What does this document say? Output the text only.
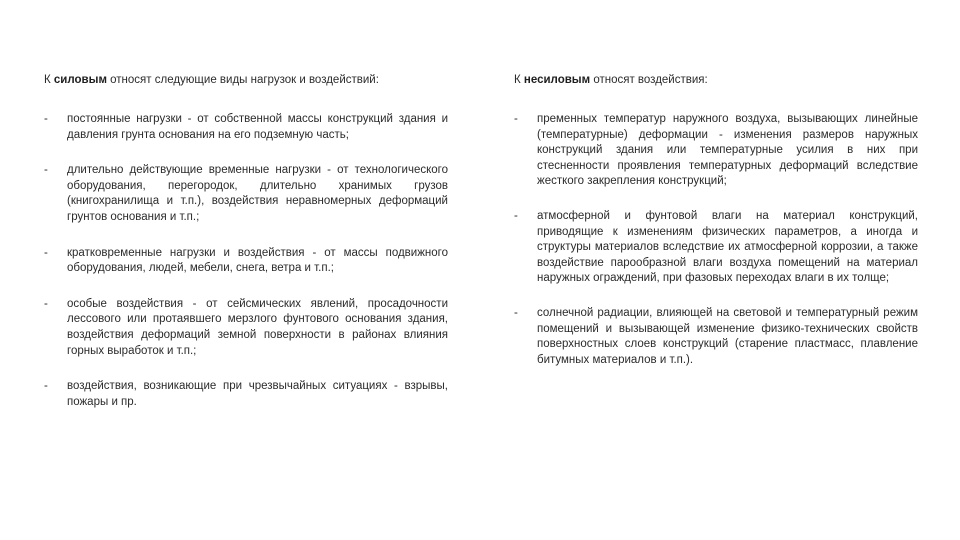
К силовым относят следующие виды нагрузок и воздействий:

- постоянные нагрузки - от собственной массы конструкций здания и давления грунта основания на его подземную часть;
- длительно действующие временные нагрузки - от технологического оборудования, перегородок, длительно хранимых грузов (книгохранилища и т.п.), воздействия неравномерных деформаций грунтов основания и т.п.;
- кратковременные нагрузки и воздействия - от массы подвижного оборудования, людей, мебели, снега, ветра и т.п.;
- особые воздействия - от сейсмических явлений, просадочности лессового или протаявшего мерзлого фунтового основания здания, воздействия деформаций земной поверхности в районах влияния горных выработок и т.п.;
- воздействия, возникающие при чрезвычайных ситуациях - взрывы, пожары и пр.

К несиловым относят воздействия:

- пременных температур наружного воздуха, вызывающих линейные (температурные) деформации - изменения размеров наружных конструкций здания или температурные усилия в них при стесненности проявления температурных деформаций вследствие жесткого закрепления конструкций;
- атмосферной и фунтовой влаги на материал конструкций, приводящие к изменениям физических параметров, а иногда и структуры материалов вследствие их атмосферной коррозии, а также воздействие парообразной влаги воздуха помещений на материал наружных ограждений, при фазовых переходах влаги в их толще;
- солнечной радиации, влияющей на световой и температурный режим помещений и вызывающей изменение физико-технических свойств поверхностных слоев конструкций (старение пластмасс, плавление битумных материалов и т.п.).
